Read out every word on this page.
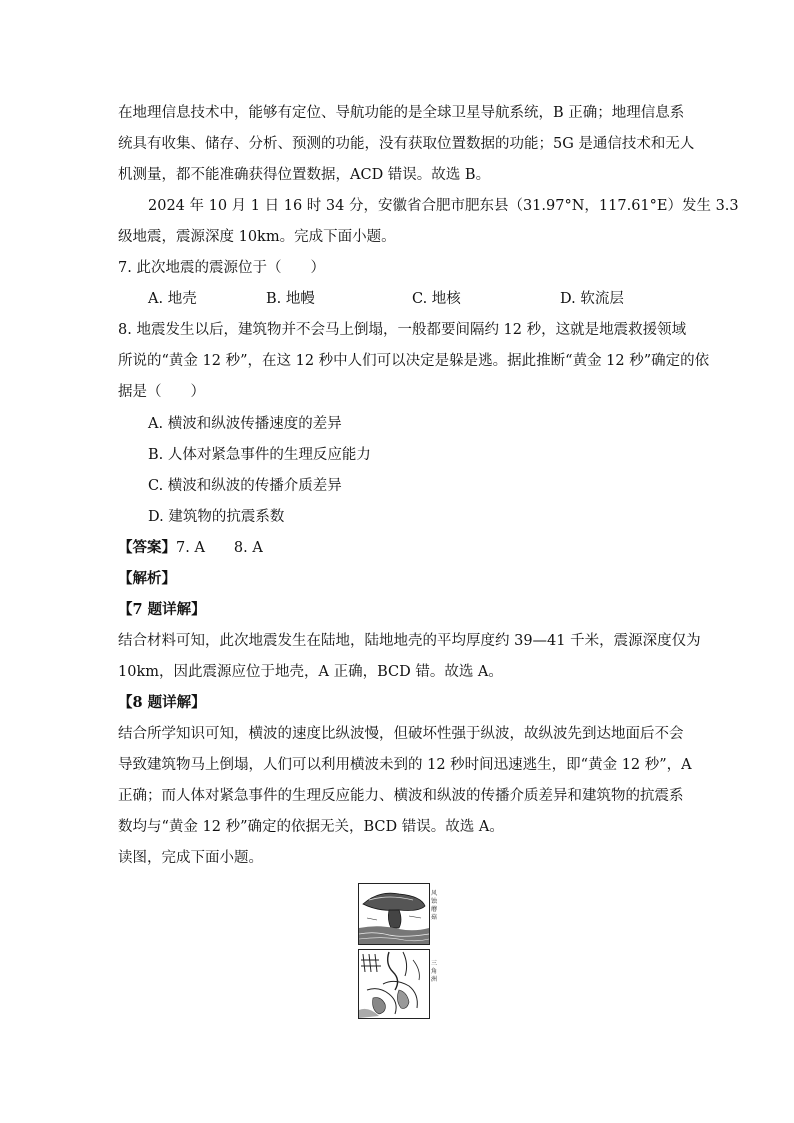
在地理信息技术中，能够有定位、导航功能的是全球卫星导航系统，B 正确；地理信息系
统具有收集、储存、分析、预测的功能，没有获取位置数据的功能；5G 是通信技术和无人
机测量，都不能准确获得位置数据，ACD 错误。故选 B。
2024 年 10 月 1 日 16 时 34 分，安徽省合肥市肥东县（31.97°N，117.61°E）发生 3.3
级地震，震源深度 10km。完成下面小题。
7. 此次地震的震源位于（　　）
A. 地壳	B. 地幔	C. 地核	D. 软流层
8. 地震发生以后，建筑物并不会马上倒塌，一般都要间隔约 12 秒，这就是地震救援领域
所说的“黄金 12 秒”，在这 12 秒中人们可以决定是躲是逃。据此推断“黄金 12 秒”确定的依
据是（　　）
A. 横波和纵波传播速度的差异
B. 人体对紧急事件的生理反应能力
C. 横波和纵波的传播介质差异
D. 建筑物的抗震系数
【答案】7. A　　8. A
【解析】
【7 题详解】
结合材料可知，此次地震发生在陆地，陆地地壳的平均厚度约 39—41 千米，震源深度仅为
10km，因此震源应位于地壳，A 正确，BCD 错。故选 A。
【8 题详解】
结合所学知识可知，横波的速度比纵波慢，但破坏性强于纵波，故纵波先到达地面后不会
导致建筑物马上倒塌，人们可以利用横波未到的 12 秒时间迅速逃生，即“黄金 12 秒”，A
正确；而人体对紧急事件的生理反应能力、横波和纵波的传播介质差异和建筑物的抗震系
数均与“黄金 12 秒”确定的依据无关，BCD 错误。故选 A。
读图，完成下面小题。
风蚀蘑菇
三角洲
